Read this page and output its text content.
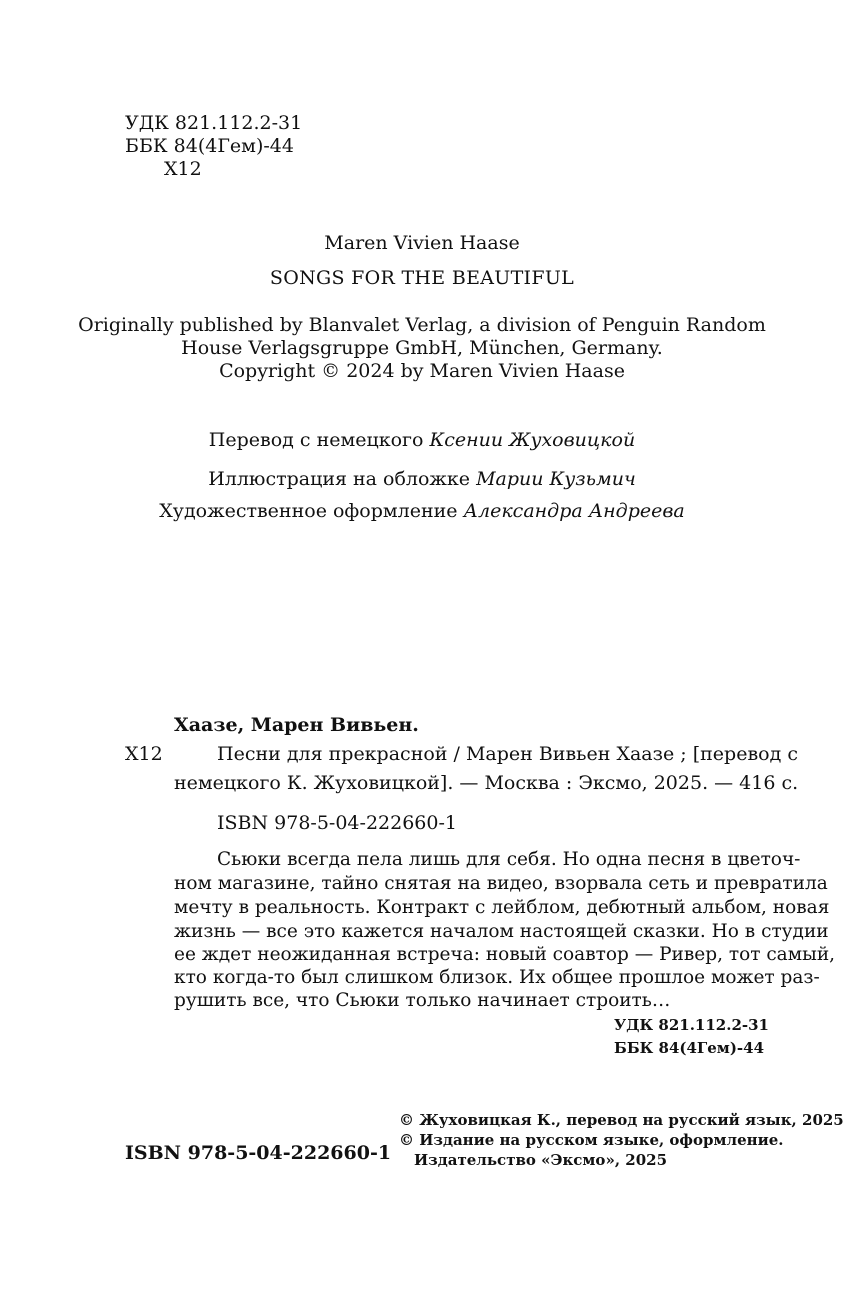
УДК 821.112.2-31
ББК 84(4Гем)-44
Х12
Maren Vivien Haase
SONGS FOR THE BEAUTIFUL
Originally published by Blanvalet Verlag, a division of Penguin Random
House Verlagsgruppe GmbH, München, Germany.
Copyright © 2024 by Maren Vivien Haase
Перевод с немецкого Ксении Жуховицкой
Иллюстрация на обложке Марии Кузьмич
Художественное оформление Александра Андреева
Хаазе, Марен Вивьен.
Х12	Песни для прекрасной / Марен Вивьен Хаазе ; [перевод с
немецкого К. Жуховицкой]. — Москва : Эксмо, 2025. — 416 с.
ISBN 978-5-04-222660-1
Сьюки всегда пела лишь для себя. Но одна песня в цветоч-
ном магазине, тайно снятая на видео, взорвала сеть и превратила
мечту в реальность. Контракт с лейблом, дебютный альбом, новая
жизнь — все это кажется началом настоящей сказки. Но в студии
ее ждет неожиданная встреча: новый соавтор — Ривер, тот самый,
кто когда-то был слишком близок. Их общее прошлое может раз-
рушить все, что Сьюки только начинает строить…
УДК 821.112.2-31
ББК 84(4Гем)-44
ISBN 978-5-04-222660-1
© Жуховицкая К., перевод на русский язык, 2025
© Издание на русском языке, оформление.
Издательство «Эксмо», 2025
